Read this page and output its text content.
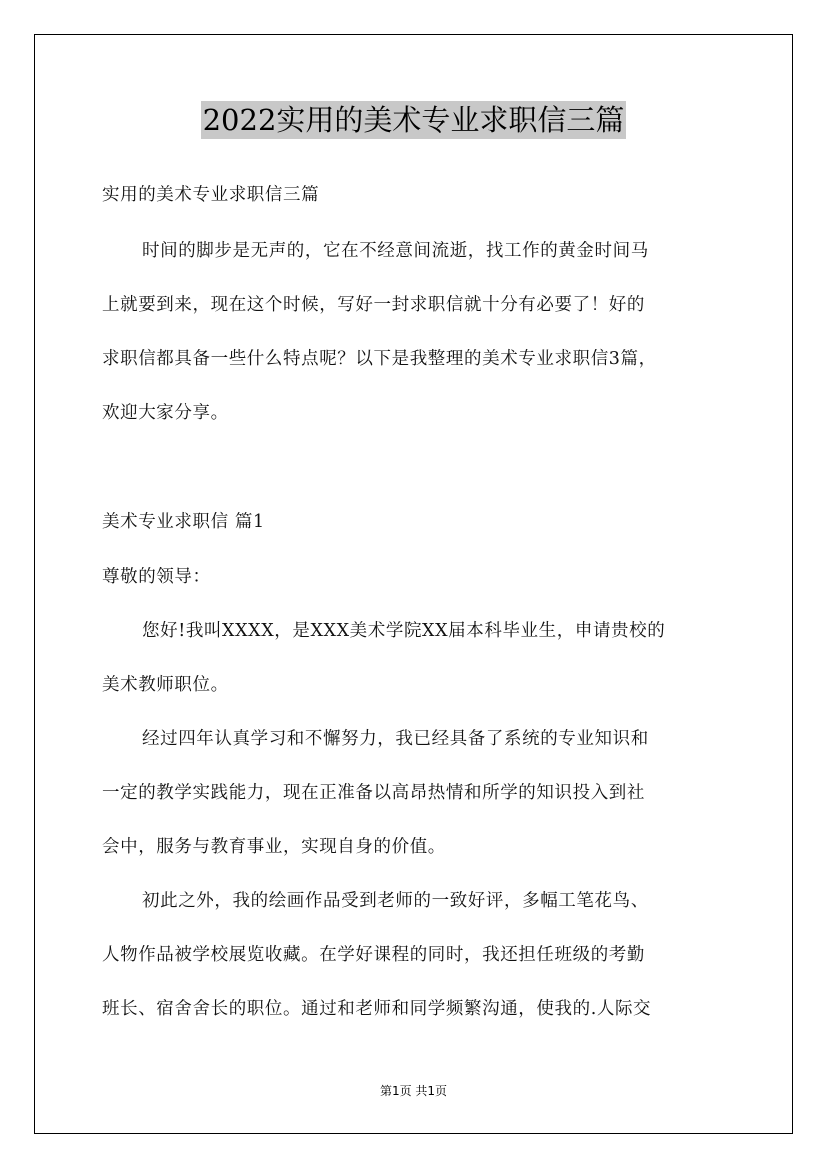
2022实用的美术专业求职信三篇
实用的美术专业求职信三篇
时间的脚步是无声的，它在不经意间流逝，找工作的黄金时间马
上就要到来，现在这个时候，写好一封求职信就十分有必要了！好的
求职信都具备一些什么特点呢？以下是我整理的美术专业求职信3篇，
欢迎大家分享。
美术专业求职信 篇1
尊敬的领导：
您好!我叫XXXX，是XXX美术学院XX届本科毕业生，申请贵校的
美术教师职位。
经过四年认真学习和不懈努力，我已经具备了系统的专业知识和
一定的教学实践能力，现在正准备以高昂热情和所学的知识投入到社
会中，服务与教育事业，实现自身的价值。
初此之外，我的绘画作品受到老师的一致好评，多幅工笔花鸟、
人物作品被学校展览收藏。在学好课程的同时，我还担任班级的考勤
班长、宿舍舍长的职位。通过和老师和同学频繁沟通，使我的.人际交
第1页 共1页
